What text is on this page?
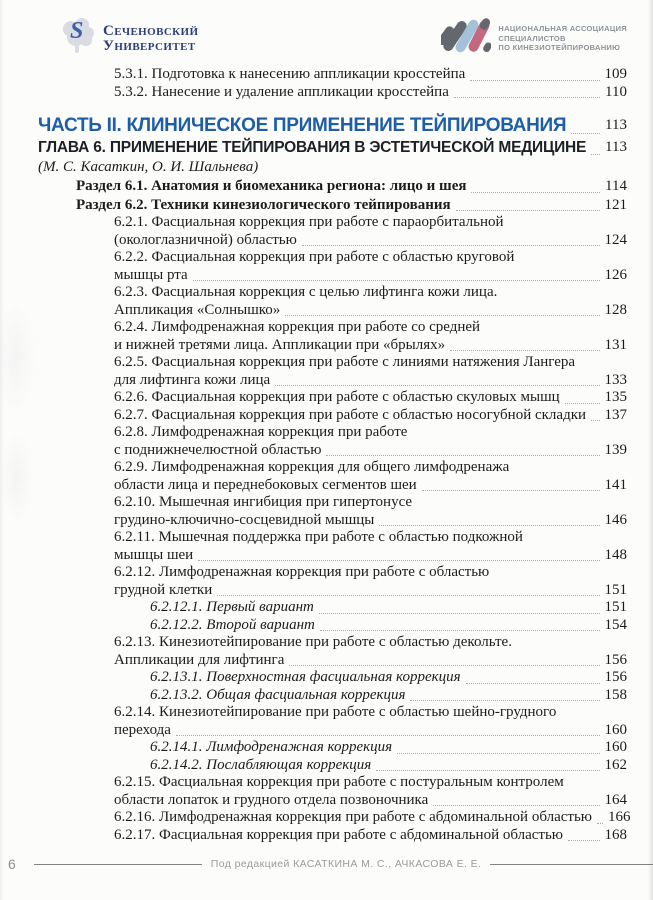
S Сеченовский
Университет
НАЦИОНАЛЬНАЯ АССОЦИАЦИЯ
СПЕЦИАЛИСТОВ
ПО КИНЕЗИОТЕЙПИРОВАНИЮ
5.3.1. Подготовка к нанесению аппликации кросстейпа	109
5.3.2. Нанесение и удаление аппликации кросстейпа	110
ЧАСТЬ II. КЛИНИЧЕСКОЕ ПРИМЕНЕНИЕ ТЕЙПИРОВАНИЯ	113
ГЛАВА 6. ПРИМЕНЕНИЕ ТЕЙПИРОВАНИЯ В ЭСТЕТИЧЕСКОЙ МЕДИЦИНЕ 113
(М. С. Касаткин, О. И. Шальнева)
Раздел 6.1. Анатомия и биомеханика региона: лицо и шея	114
Раздел 6.2. Техники кинезиологического тейпирования	121
6.2.1. Фасциальная коррекция при работе с параорбитальной
(окологлазничной) областью	124
6.2.2. Фасциальная коррекция при работе с областью круговой
мышцы рта	126
6.2.3. Фасциальная коррекция с целью лифтинга кожи лица.
Аппликация «Солнышко»	128
6.2.4. Лимфодренажная коррекция при работе со средней
и нижней третями лица. Аппликации при «брылях»	131
6.2.5. Фасциальная коррекция при работе с линиями натяжения Лангера
для лифтинга кожи лица	133
6.2.6. Фасциальная коррекция при работе с областью скуловых мышц	135
6.2.7. Фасциальная коррекция при работе с областью носогубной складки 137
6.2.8. Лимфодренажная коррекция при работе
с поднижнечелюстной областью	139
6.2.9. Лимфодренажная коррекция для общего лимфодренажа
области лица и переднебоковых сегментов шеи	141
6.2.10. Мышечная ингибиция при гипертонусе
грудино-ключично-сосцевидной мышцы	146
6.2.11. Мышечная поддержка при работе с областью подкожной
мышцы шеи	148
6.2.12. Лимфодренажная коррекция при работе с областью
грудной клетки	151
6.2.12.1. Первый вариант	151
6.2.12.2. Второй вариант	154
6.2.13. Кинезиотейпирование при работе с областью декольте.
Аппликации для лифтинга	156
6.2.13.1. Поверхностная фасциальная коррекция	156
6.2.13.2. Общая фасциальная коррекция	158
6.2.14. Кинезиотейпирование при работе с областью шейно-грудного
перехода	160
6.2.14.1. Лимфодренажная коррекция	160
6.2.14.2. Послабляющая коррекция	162
6.2.15. Фасциальная коррекция при работе с постуральным контролем
области лопаток и грудного отдела позвоночника	164
6.2.16. Лимфодренажная коррекция при работе с абдоминальной областью 166
6.2.17. Фасциальная коррекция при работе с абдоминальной областью	168
6	Под редакцией КАСАТКИНА М. С., АЧКАСОВА Е. Е.
